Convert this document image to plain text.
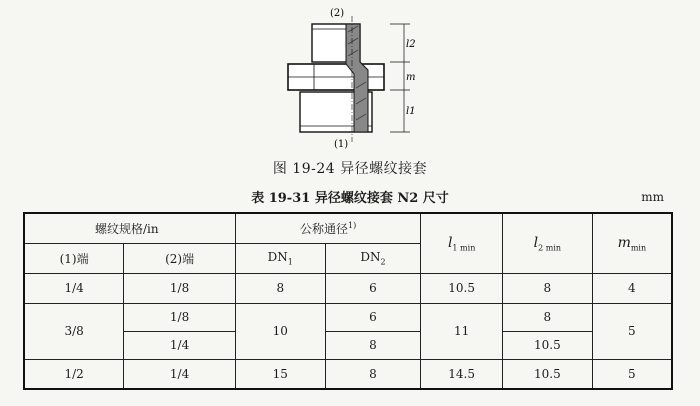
l2
m
l1
(2)
(1)
图 19-24 异径螺纹接套
表 19-31 异径螺纹接套 N2 尺寸	mm
螺纹规格/in		公称通径$^{1)}$		$l_{1 min}$	$l_{2 min}$	$m_{min}$
(1)端	(2)端	$DN_1$	$DN_2$
1/4	1/8	8	6	10.5	8	4
3/8	1/8	10	6	11	8	5
	1/4		8		10.5	
1/2	1/4	15	8	14.5	10.5	5
